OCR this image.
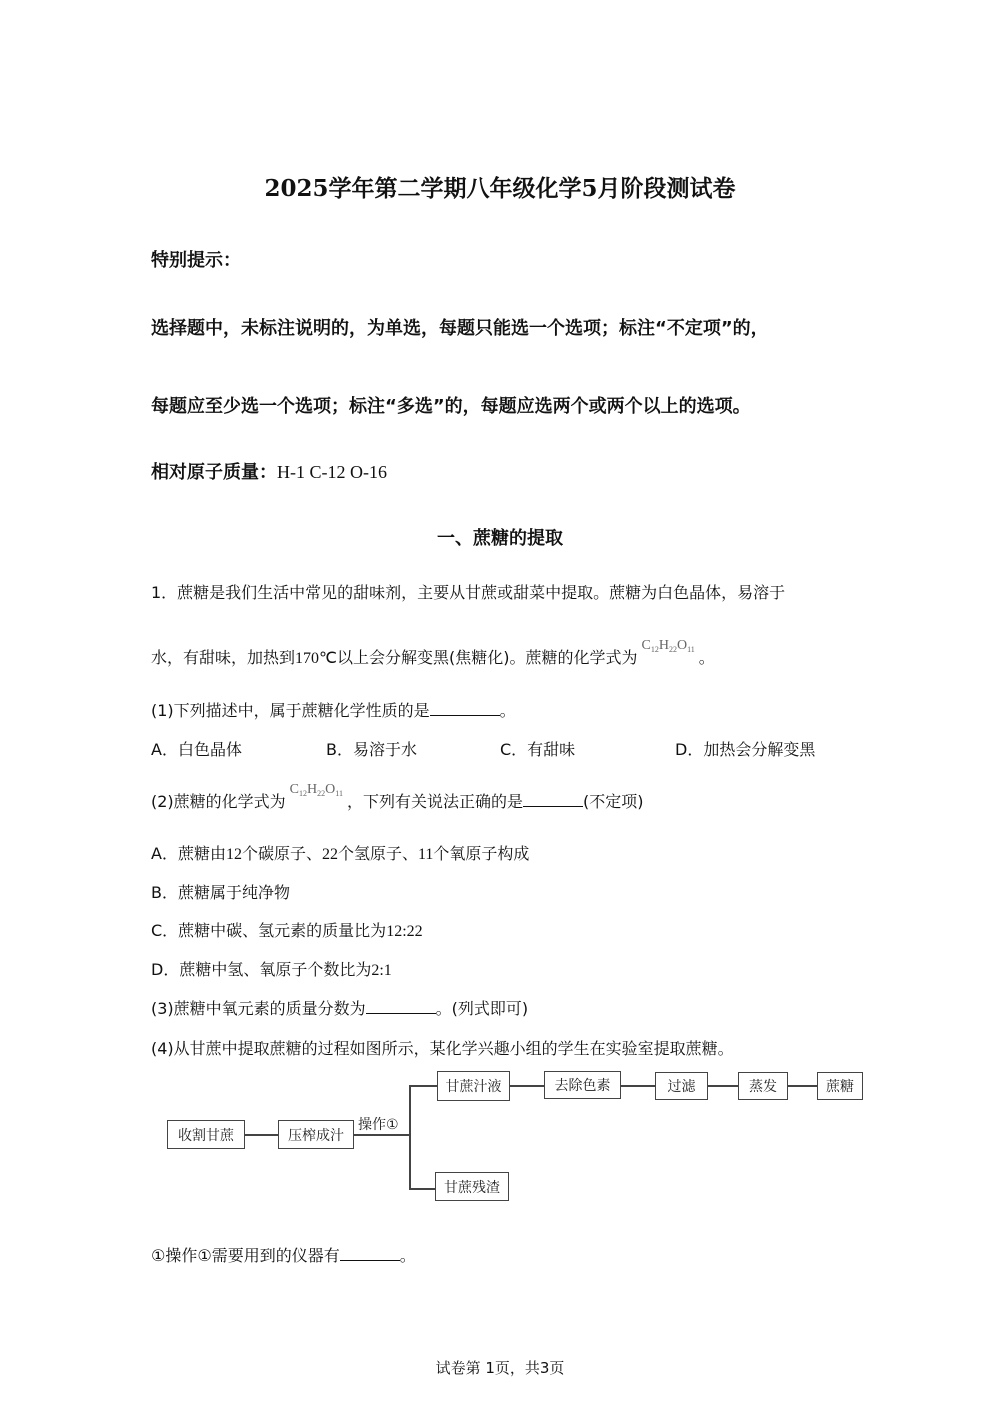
2025学年第二学期八年级化学5月阶段测试卷
特别提示：
选择题中，未标注说明的，为单选，每题只能选一个选项；标注“不定项”的，
每题应至少选一个选项；标注“多选”的，每题应选两个或两个以上的选项。
相对原子质量：H-1 C-12 O-16
一、蔗糖的提取
1．蔗糖是我们生活中常见的甜味剂，主要从甘蔗或甜菜中提取。蔗糖为白色晶体，易溶于
水，有甜味，加热到170℃以上会分解变黑(焦糖化)。蔗糖的化学式为$C_{12}H_{22}O_{11}$ 。
(1)下列描述中，属于蔗糖化学性质的是	。
A．白色晶体	B．易溶于水	C．有甜味	D．加热会分解变黑
(2)蔗糖的化学式为$C_{12}H_{22}O_{11}$ ，下列有关说法正确的是	(不定项)
A．蔗糖由12个碳原子、22个氢原子、11个氧原子构成
B．蔗糖属于纯净物
C．蔗糖中碳、氢元素的质量比为12:22
D．蔗糖中氢、氧原子个数比为2:1
(3)蔗糖中氧元素的质量分数为	。(列式即可)
(4)从甘蔗中提取蔗糖的过程如图所示，某化学兴趣小组的学生在实验室提取蔗糖。
收割甘蔗	压榨成汁
操作①
甘蔗汁液	去除色素	过滤	蒸发	蔗糖
甘蔗残渣
①操作①需要用到的仪器有	。
试卷第 1页，共3页
